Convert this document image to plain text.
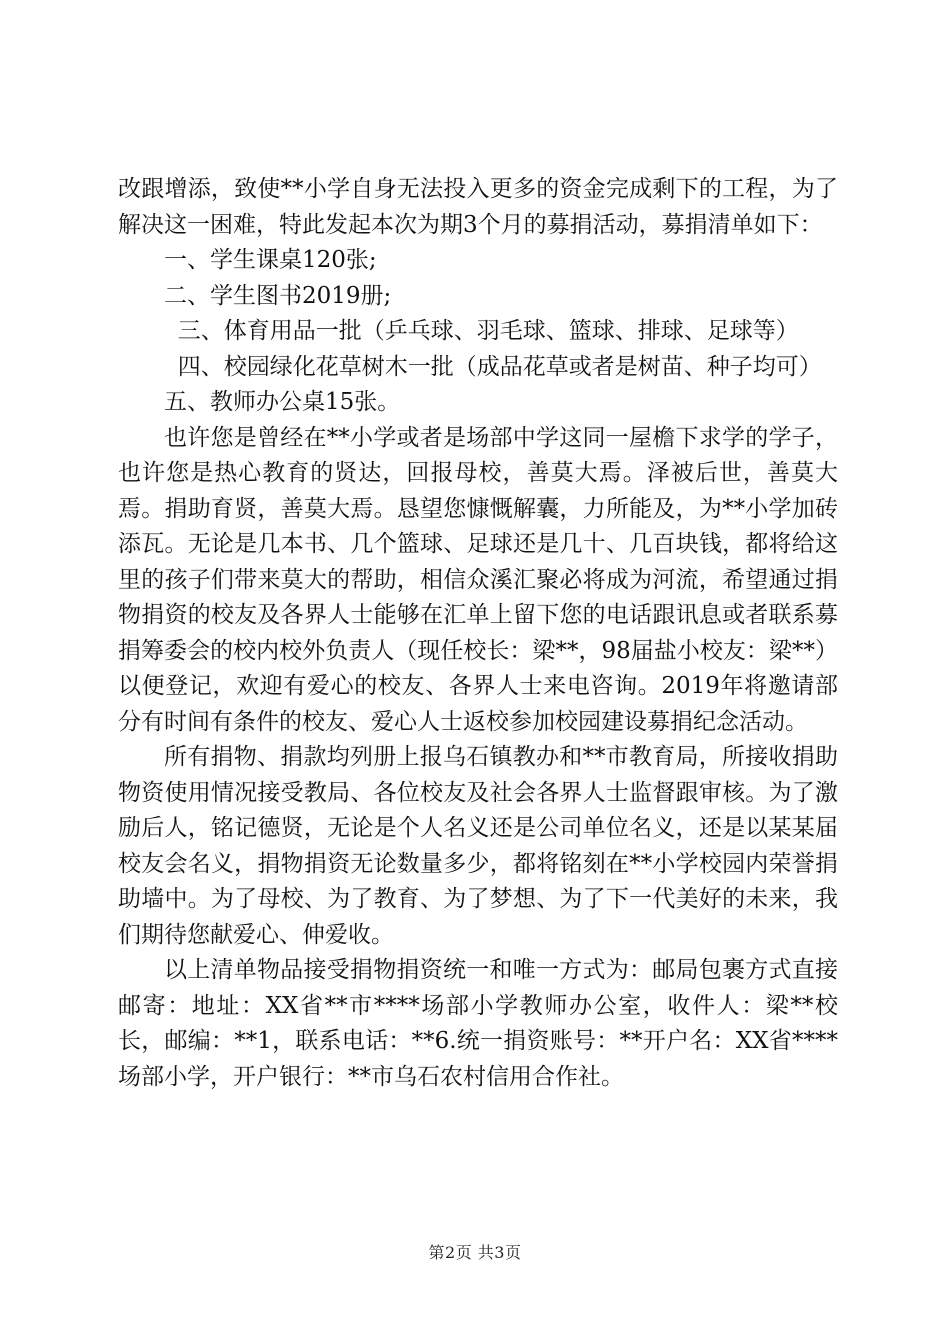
改跟增添，致使**小学自身无法投入更多的资金完成剩下的工程，为了解决这一困难，特此发起本次为期3个月的募捐活动，募捐清单如下：

一、学生课桌120张;

二、学生图书2019册;

三、体育用品一批（乒乓球、羽毛球、篮球、排球、足球等）

四、校园绿化花草树木一批（成品花草或者是树苗、种子均可）

五、教师办公桌15张。

也许您是曾经在**小学或者是场部中学这同一屋檐下求学的学子，也许您是热心教育的贤达，回报母校，善莫大焉。泽被后世，善莫大焉。捐助育贤，善莫大焉。恳望您慷慨解囊，力所能及，为**小学加砖添瓦。无论是几本书、几个篮球、足球还是几十、几百块钱，都将给这里的孩子们带来莫大的帮助，相信众溪汇聚必将成为河流，希望通过捐物捐资的校友及各界人士能够在汇单上留下您的电话跟讯息或者联系募捐筹委会的校内校外负责人（现任校长：梁**，98届盐小校友：梁**）以便登记，欢迎有爱心的校友、各界人士来电咨询。2019年将邀请部分有时间有条件的校友、爱心人士返校参加校园建设募捐纪念活动。

所有捐物、捐款均列册上报乌石镇教办和**市教育局，所接收捐助物资使用情况接受教局、各位校友及社会各界人士监督跟审核。为了激励后人，铭记德贤，无论是个人名义还是公司单位名义，还是以某某届校友会名义，捐物捐资无论数量多少，都将铭刻在**小学校园内荣誉捐助墙中。为了母校、为了教育、为了梦想、为了下一代美好的未来，我们期待您献爱心、伸爱收。

以上清单物品接受捐物捐资统一和唯一方式为：邮局包裹方式直接邮寄：地址：XX省**市****场部小学教师办公室，收件人：梁**校长，邮编：**1，联系电话：**6.统一捐资账号：**开户名：XX省****场部小学，开户银行：**市乌石农村信用合作社。

第2页 共3页
